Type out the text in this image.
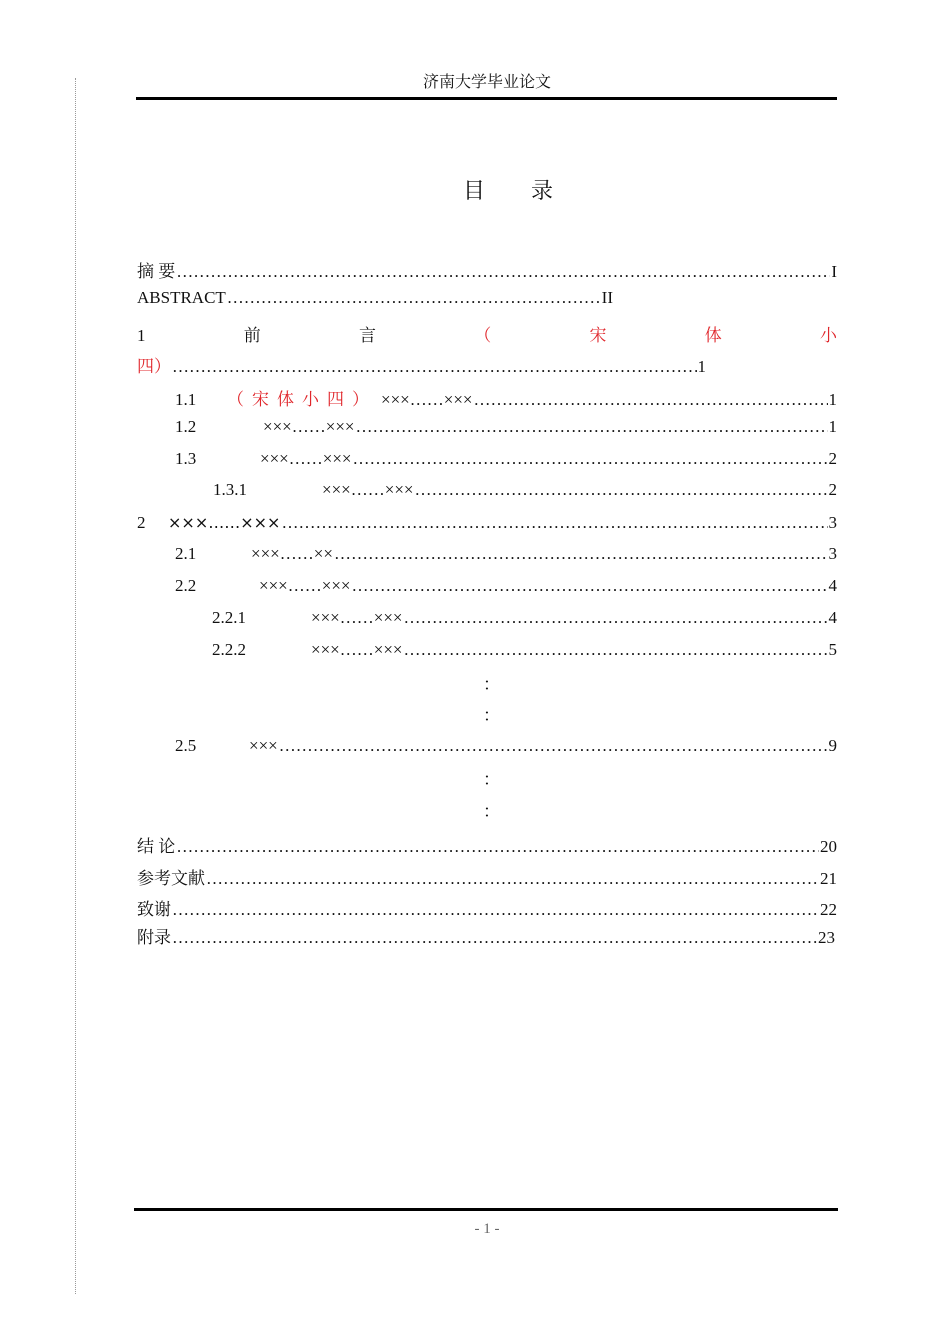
济南大学毕业论文
目录
摘 要 ……………………………………………………………………………………………………………………………………………………	I
ABSTRACT ……………………………………………………………………………………………………………………………………………………	II
1	前	言	（	宋	体	小
四） ……………………………………………………………………………………………………………………………………………………	1
1.1	（宋体小四） ×××……××× ……………………………………………………………………………………………………………………………………………………	1
1.2	×××……××× ……………………………………………………………………………………………………………………………………………………	1
1.3	×××……××× ……………………………………………………………………………………………………………………………………………………	2
1.3.1	×××……××× ……………………………………………………………………………………………………………………………………………………	2
2	×××……××× ……………………………………………………………………………………………………………………………………………………	3
2.1	×××……×× ……………………………………………………………………………………………………………………………………………………	3
2.2	×××……××× ……………………………………………………………………………………………………………………………………………………	4
2.2.1	×××……××× ……………………………………………………………………………………………………………………………………………………	4
2.2.2	×××……××× ……………………………………………………………………………………………………………………………………………………	5
：
：
2.5	××× ……………………………………………………………………………………………………………………………………………………	9
：
：
结 论 ……………………………………………………………………………………………………………………………………………………	20
参考文献 ……………………………………………………………………………………………………………………………………………………	21
致谢 ……………………………………………………………………………………………………………………………………………………	22
附录 ……………………………………………………………………………………………………………………………………………………	23
- 1 -
